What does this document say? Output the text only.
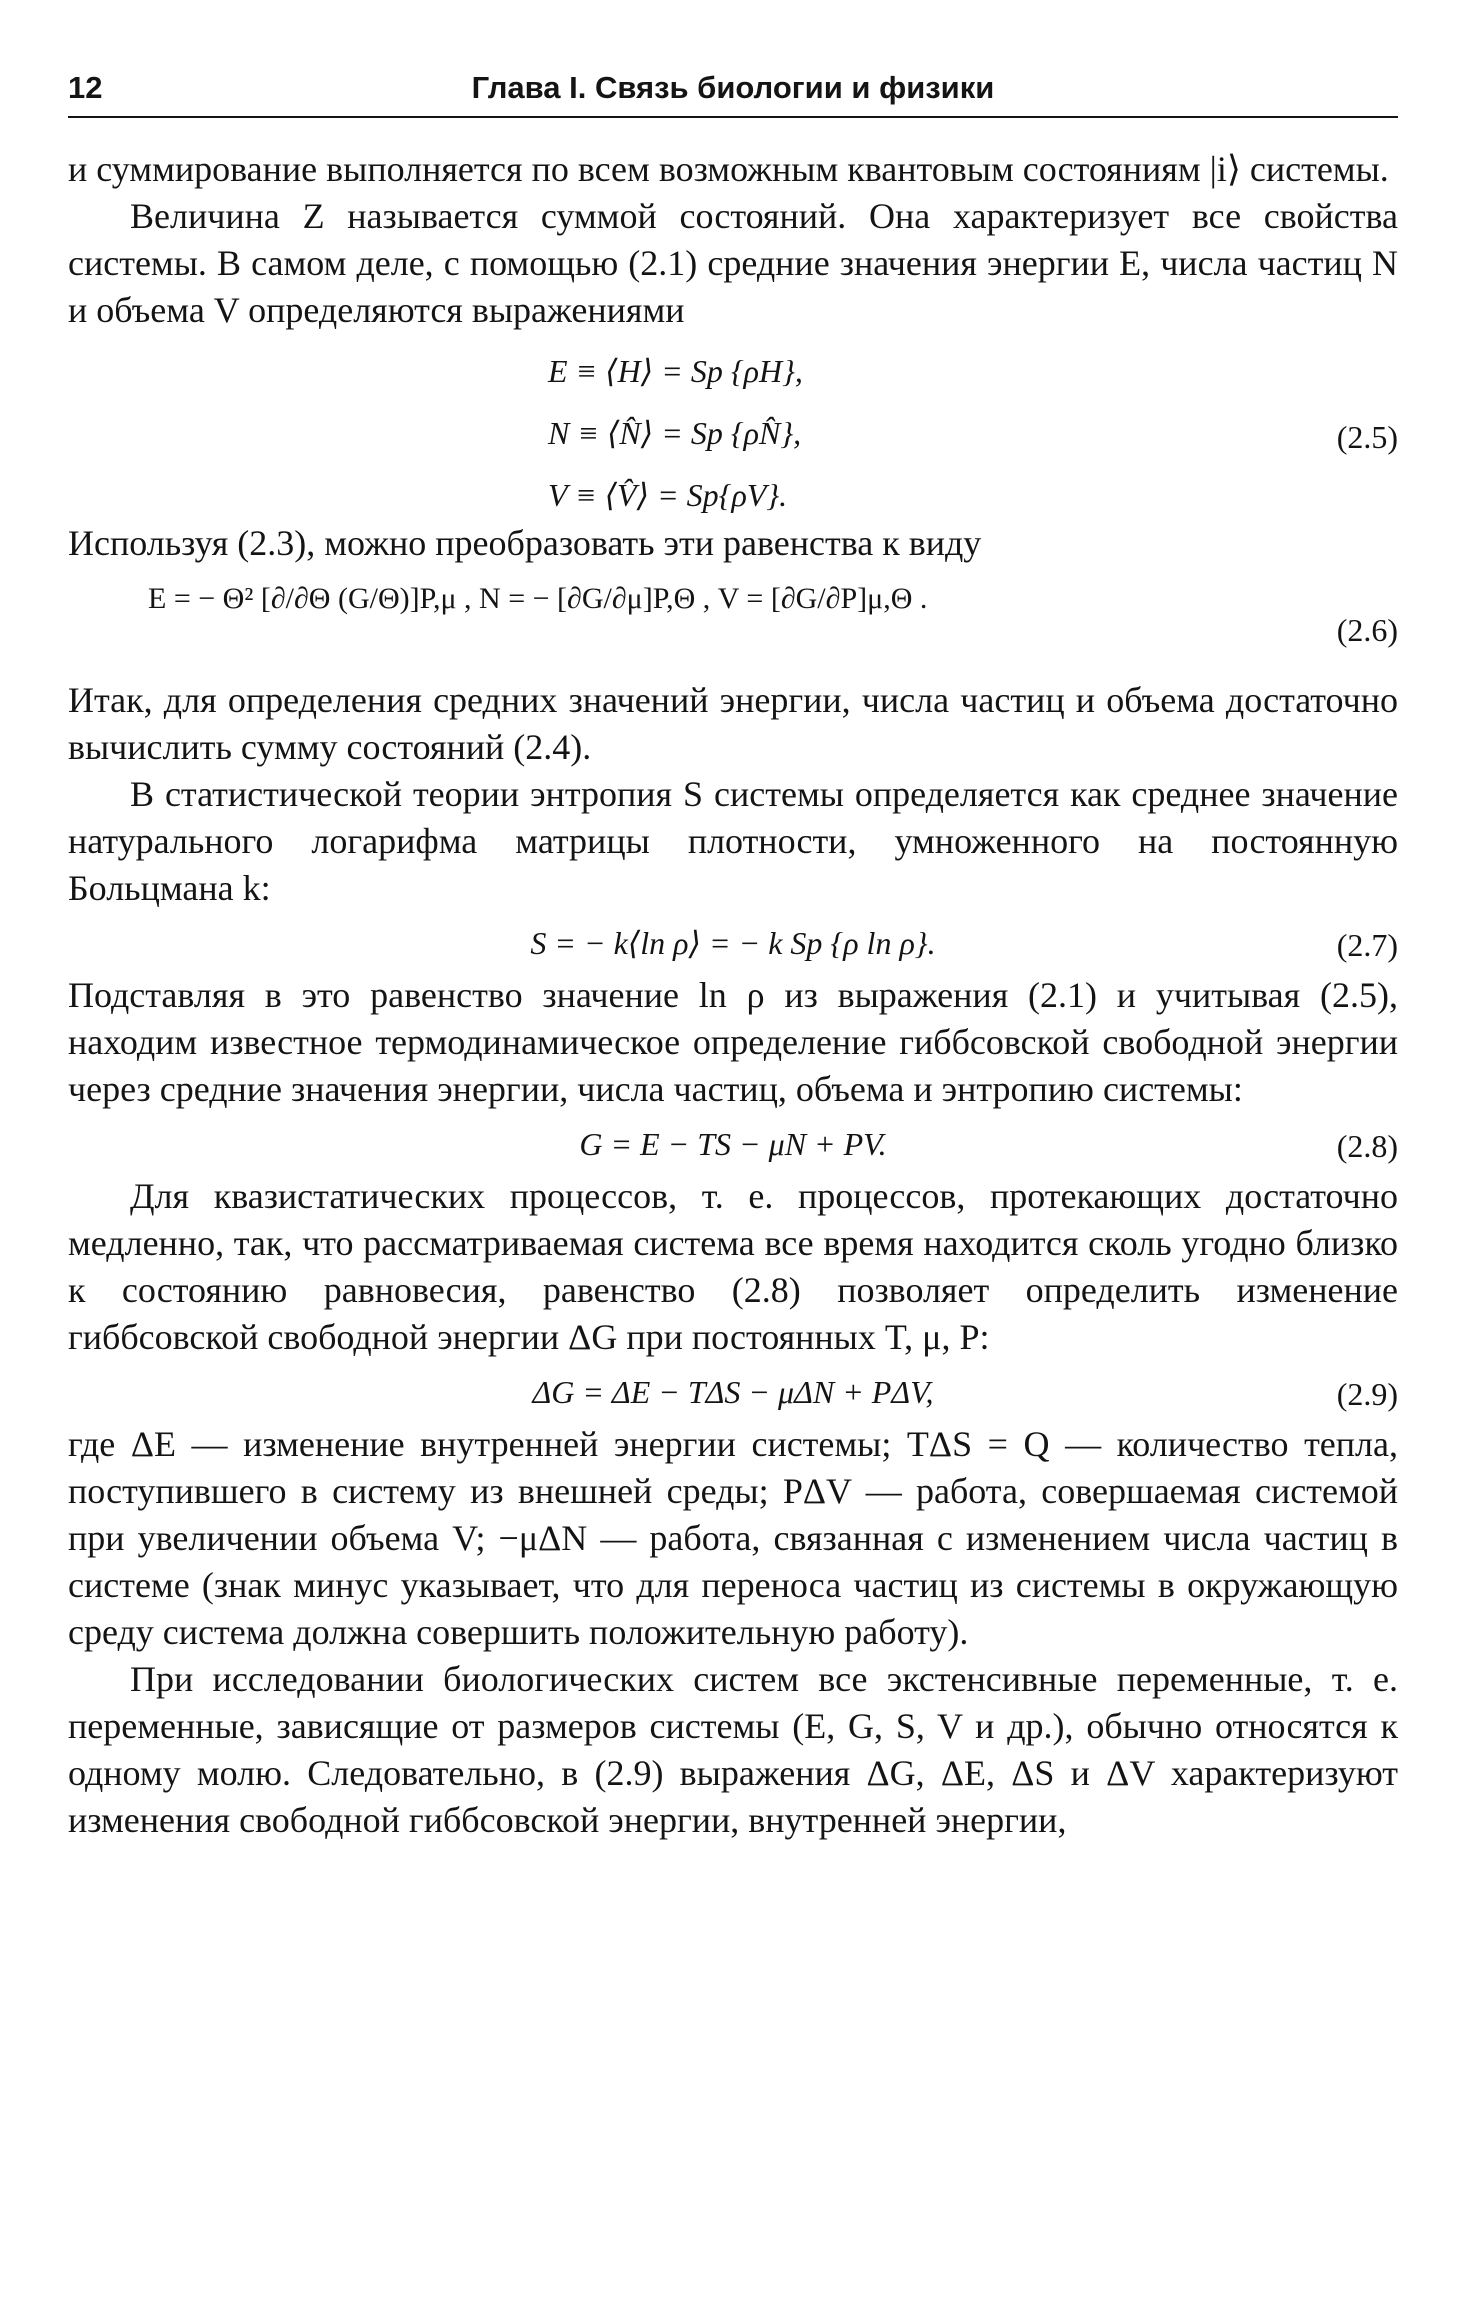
12	Глава I. Связь биологии и физики

и суммирование выполняется по всем возможным квантовым состояниям |i⟩ системы.

Величина Z называется суммой состояний. Она характеризует все свойства системы. В самом деле, с помощью (2.1) средние значения энергии E, числа частиц N и объема V определяются выражениями

E ≡ ⟨H⟩ = Sp {ρH},
N ≡ ⟨N̂⟩ = Sp {ρN̂},
V ≡ ⟨V̂⟩ = Sp{ρV}.
(2.5)

Используя (2.3), можно преобразовать эти равенства к виду

E = − Θ² [∂/∂Θ (G/Θ)]P,μ , N = − [∂G/∂μ]P,Θ , V = [∂G/∂P]μ,Θ .
(2.6)

Итак, для определения средних значений энергии, числа частиц и объема достаточно вычислить сумму состояний (2.4).

В статистической теории энтропия S системы определяется как среднее значение натурального логарифма матрицы плотности, умноженного на постоянную Больцмана k:

S = − k⟨ln ρ⟩ = − k Sp {ρ ln ρ}.	(2.7)

Подставляя в это равенство значение ln ρ из выражения (2.1) и учитывая (2.5), находим известное термодинамическое определение гиббсовской свободной энергии через средние значения энергии, числа частиц, объема и энтропию системы:

G = E − TS − μN + PV.	(2.8)

Для квазистатических процессов, т. е. процессов, протекающих достаточно медленно, так, что рассматриваемая система все время находится сколь угодно близко к состоянию равновесия, равенство (2.8) позволяет определить изменение гиббсовской свободной энергии ΔG при постоянных T, μ, P:

ΔG = ΔE − TΔS − μΔN + PΔV,	(2.9)

где ΔE — изменение внутренней энергии системы; TΔS = Q — количество тепла, поступившего в систему из внешней среды; PΔV — работа, совершаемая системой при увеличении объема V; −μΔN — работа, связанная с изменением числа частиц в системе (знак минус указывает, что для переноса частиц из системы в окружающую среду система должна совершить положительную работу).

При исследовании биологических систем все экстенсивные переменные, т. е. переменные, зависящие от размеров системы (E, G, S, V и др.), обычно относятся к одному молю. Следовательно, в (2.9) выражения ΔG, ΔE, ΔS и ΔV характеризуют изменения свободной гиббсовской энергии, внутренней энергии,
